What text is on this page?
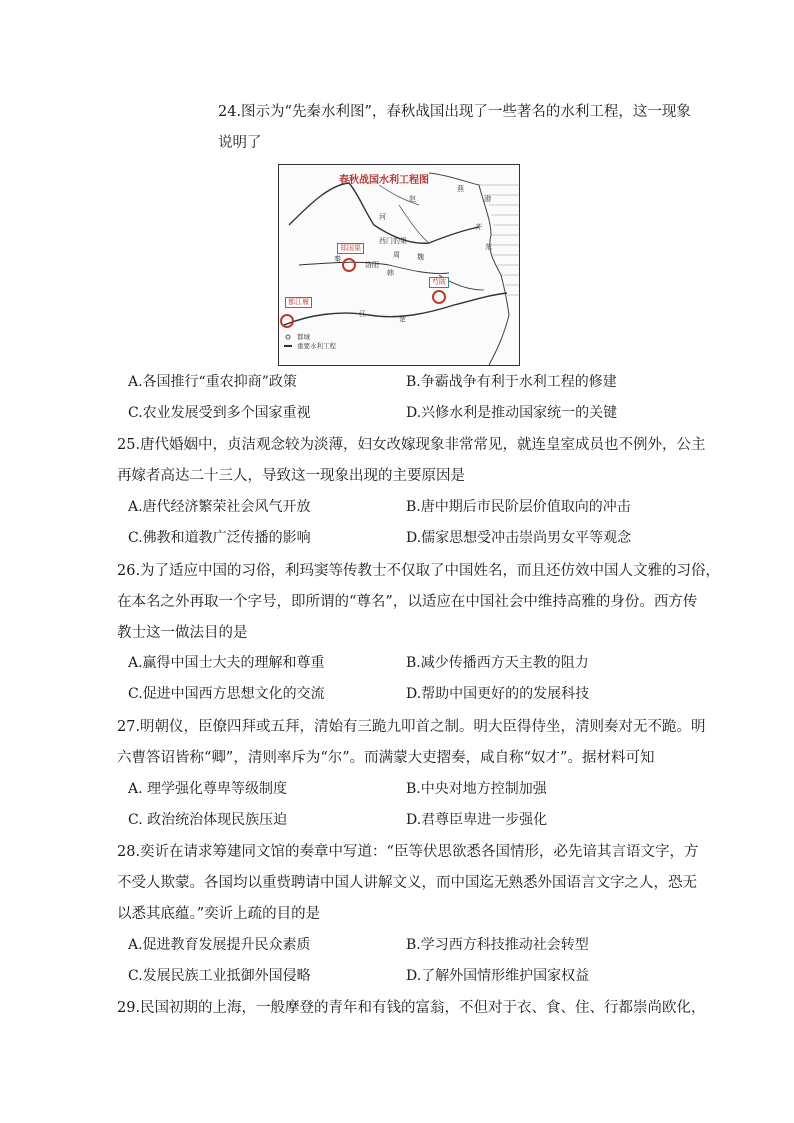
24.图示为“先秦水利图”，春秋战国出现了一些著名的水利工程，这一现象
说明了
春秋战国水利工程图
燕
赵
齐
秦	魏
周
韩
楚
洛阳
东
渤
江
西门豹渠
河
郑国渠
都江堰
芍陂
都城
重要水利工程
A.各国推行“重农抑商”政策	B.争霸战争有利于水利工程的修建
C.农业发展受到多个国家重视	D.兴修水利是推动国家统一的关键
25.唐代婚姻中，贞洁观念较为淡薄，妇女改嫁现象非常常见，就连皇室成员也不例外，公主
再嫁者高达二十三人，导致这一现象出现的主要原因是
A.唐代经济繁荣社会风气开放	B.唐中期后市民阶层价值取向的冲击
C.佛教和道教广泛传播的影响	D.儒家思想受冲击崇尚男女平等观念
26.为了适应中国的习俗，利玛窦等传教士不仅取了中国姓名，而且还仿效中国人文雅的习俗，
在本名之外再取一个字号，即所谓的“尊名”，以适应在中国社会中维持高雅的身份。西方传
教士这一做法目的是
A.赢得中国士大夫的理解和尊重	B.减少传播西方天主教的阻力
C.促进中国西方思想文化的交流	D.帮助中国更好的的发展科技
27.明朝仪，臣僚四拜或五拜，清始有三跪九叩首之制。明大臣得侍坐，清则奏对无不跪。明
六曹答诏皆称“卿”，清则率斥为“尔”。而满蒙大吏摺奏，咸自称“奴才”。据材料可知
A. 理学强化尊卑等级制度	B.中央对地方控制加强
C. 政治统治体现民族压迫	D.君尊臣卑进一步强化
28.奕䜣在请求筹建同文馆的奏章中写道：“臣等伏思欲悉各国情形，必先谙其言语文字，方
不受人欺蒙。各国均以重赀聘请中国人讲解文义，而中国迄无熟悉外国语言文字之人，恐无
以悉其底蕴。”奕䜣上疏的目的是
A.促进教育发展提升民众素质	B.学习西方科技推动社会转型
C.发展民族工业抵御外国侵略	D.了解外国情形维护国家权益
29.民国初期的上海，一般摩登的青年和有钱的富翁，不但对于衣、食、住、行都崇尚欧化，
